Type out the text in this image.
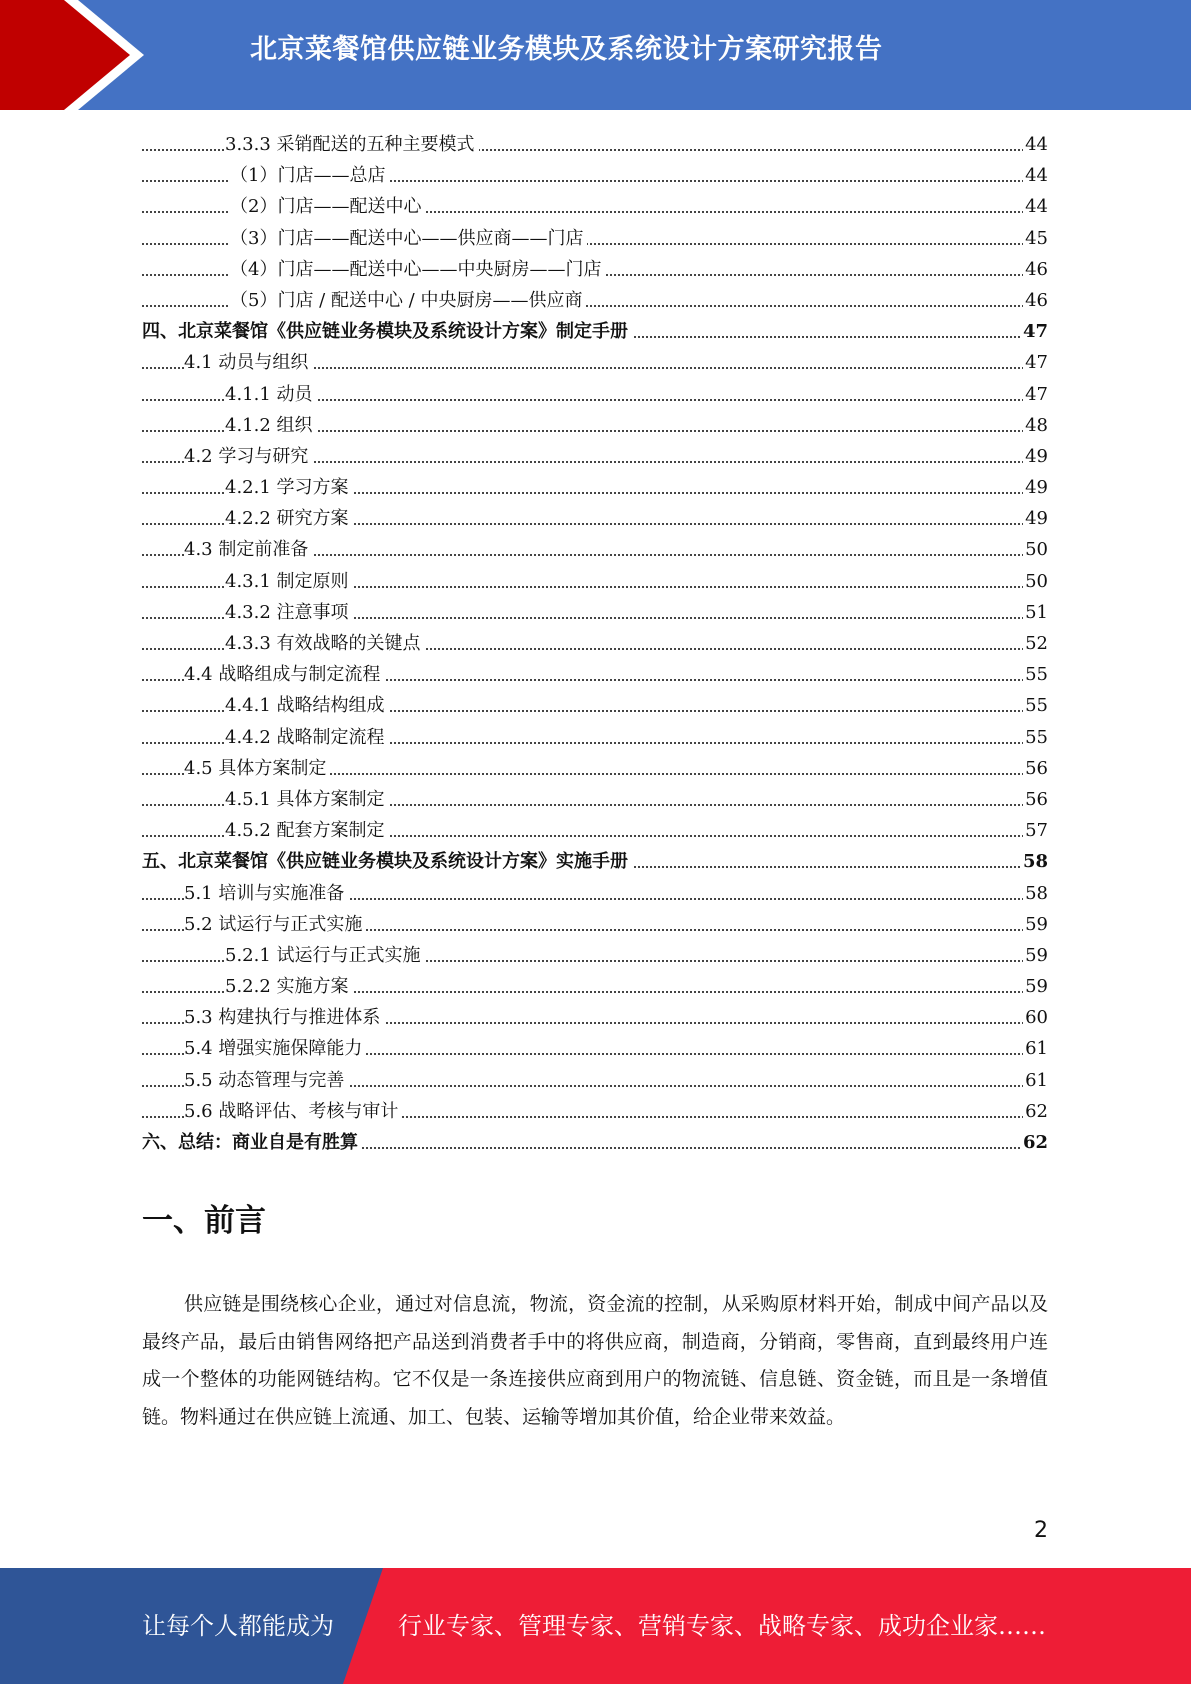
北京菜餐馆供应链业务模块及系统设计方案研究报告
3.3.3 采销配送的五种主要模式	44
（1）门店——总店	44
（2）门店——配送中心	44
（3）门店——配送中心——供应商——门店	45
（4）门店——配送中心——中央厨房——门店	46
（5）门店 / 配送中心 / 中央厨房——供应商	46
四、北京菜餐馆《供应链业务模块及系统设计方案》制定手册	47
4.1 动员与组织	47
4.1.1 动员	47
4.1.2 组织	48
4.2 学习与研究	49
4.2.1 学习方案	49
4.2.2 研究方案	49
4.3 制定前准备	50
4.3.1 制定原则	50
4.3.2 注意事项	51
4.3.3 有效战略的关键点	52
4.4 战略组成与制定流程	55
4.4.1 战略结构组成	55
4.4.2 战略制定流程	55
4.5 具体方案制定	56
4.5.1 具体方案制定	56
4.5.2 配套方案制定	57
五、北京菜餐馆《供应链业务模块及系统设计方案》实施手册	58
5.1 培训与实施准备	58
5.2 试运行与正式实施	59
5.2.1 试运行与正式实施	59
5.2.2 实施方案	59
5.3 构建执行与推进体系	60
5.4 增强实施保障能力	61
5.5 动态管理与完善	61
5.6 战略评估、考核与审计	62
六、总结：商业自是有胜算	62
一、前言

供应链是围绕核心企业，通过对信息流，物流，资金流的控制，从采购原材料开始，制成中间产品以及最终产品，最后由销售网络把产品送到消费者手中的将供应商，制造商，分销商，零售商，直到最终用户连成一个整体的功能网链结构。它不仅是一条连接供应商到用户的物流链、信息链、资金链，而且是一条增值链。物料通过在供应链上流通、加工、包装、运输等增加其价值，给企业带来效益。

2
让每个人都能成为	行业专家、管理专家、营销专家、战略专家、成功企业家……
